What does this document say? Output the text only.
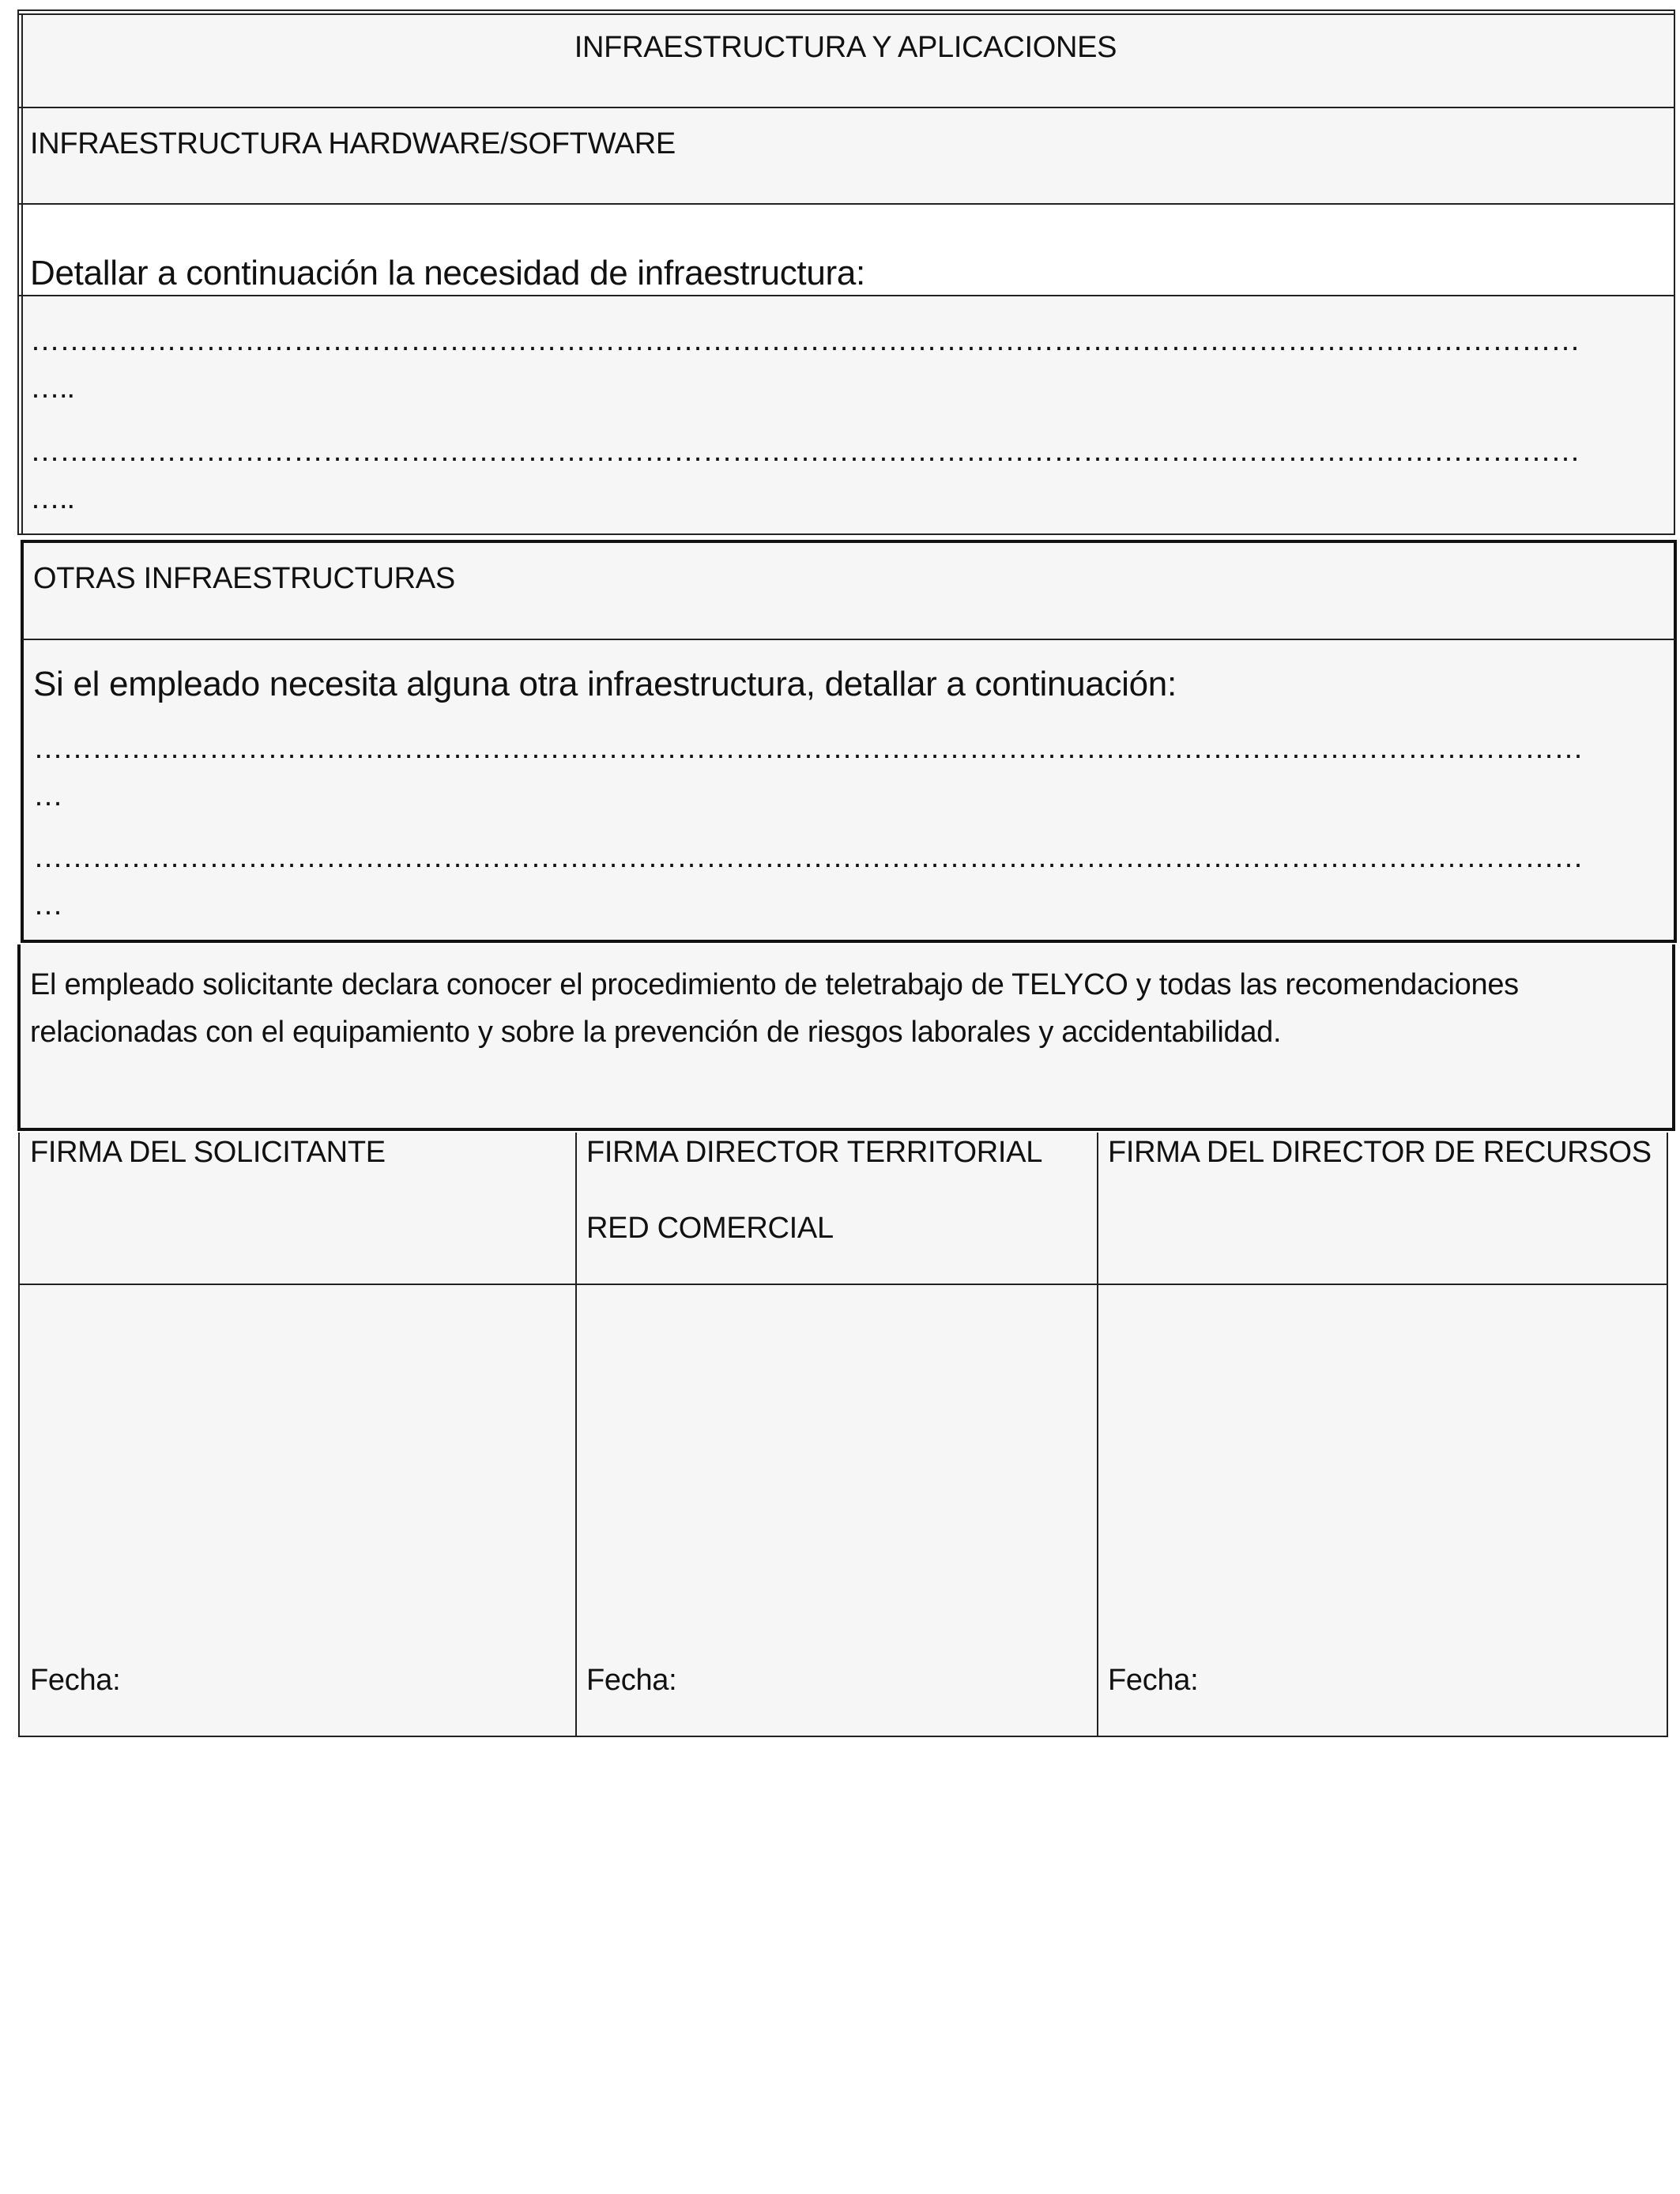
INFRAESTRUCTURA Y APLICACIONES
INFRAESTRUCTURA HARDWARE/SOFTWARE
Detallar a continuación la necesidad de infraestructura:
……………………………………………………………………………………………………………………………………………
…..
……………………………………………………………………………………………………………………………………………
…..
OTRAS INFRAESTRUCTURAS
Si el empleado necesita alguna otra infraestructura, detallar a continuación:
……………………………………………………………………………………………………………………………………………
…
……………………………………………………………………………………………………………………………………………
…
El empleado solicitante declara conocer el procedimiento de teletrabajo de TELYCO y todas las recomendaciones
relacionadas con el equipamiento y sobre la prevención de riesgos laborales y accidentabilidad.
FIRMA DEL SOLICITANTE
Fecha:
FIRMA DIRECTOR TERRITORIAL
RED COMERCIAL
Fecha:
FIRMA DEL DIRECTOR DE RECURSOS
Fecha:
